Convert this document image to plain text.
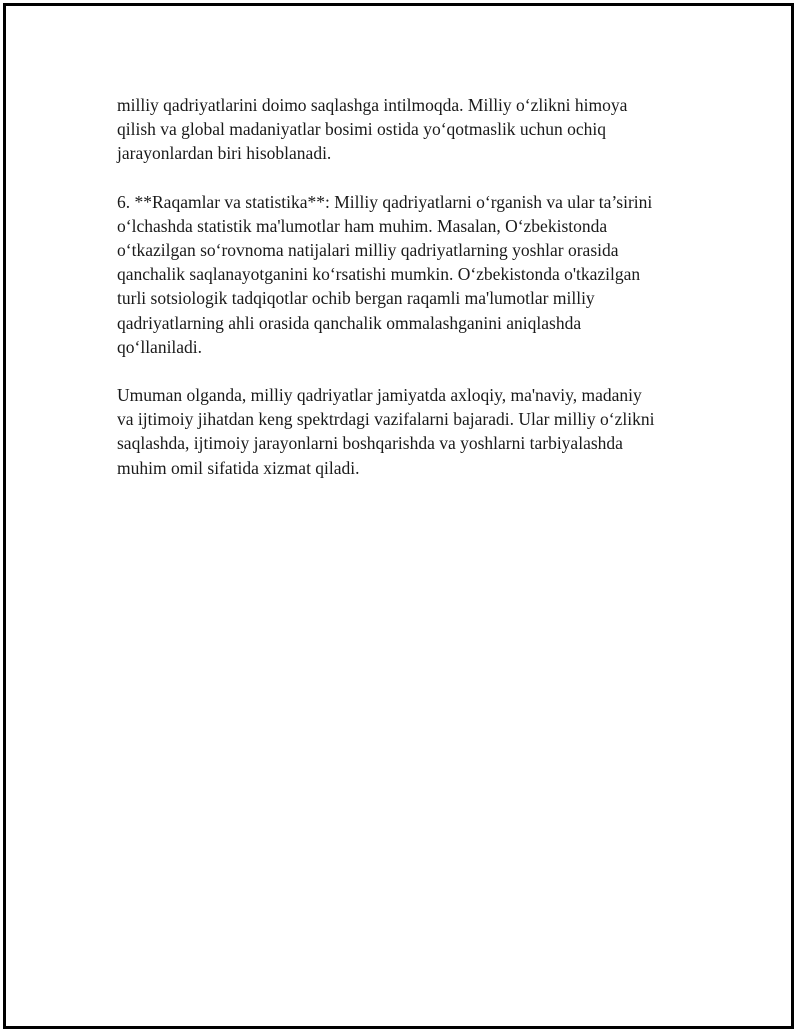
milliy qadriyatlarini doimo saqlashga intilmoqda. Milliy o‘zlikni himoya
qilish va global madaniyatlar bosimi ostida yo‘qotmaslik uchun ochiq
jarayonlardan biri hisoblanadi.

6. **Raqamlar va statistika**: Milliy qadriyatlarni o‘rganish va ular ta’sirini
o‘lchashda statistik ma'lumotlar ham muhim. Masalan, O‘zbekistonda
o‘tkazilgan so‘rovnoma natijalari milliy qadriyatlarning yoshlar orasida
qanchalik saqlanayotganini ko‘rsatishi mumkin. O‘zbekistonda o'tkazilgan
turli sotsiologik tadqiqotlar ochib bergan raqamli ma'lumotlar milliy
qadriyatlarning ahli orasida qanchalik ommalashganini aniqlashda
qo‘llaniladi.

Umuman olganda, milliy qadriyatlar jamiyatda axloqiy, ma'naviy, madaniy
va ijtimoiy jihatdan keng spektrdagi vazifalarni bajaradi. Ular milliy o‘zlikni
saqlashda, ijtimoiy jarayonlarni boshqarishda va yoshlarni tarbiyalashda
muhim omil sifatida xizmat qiladi.
